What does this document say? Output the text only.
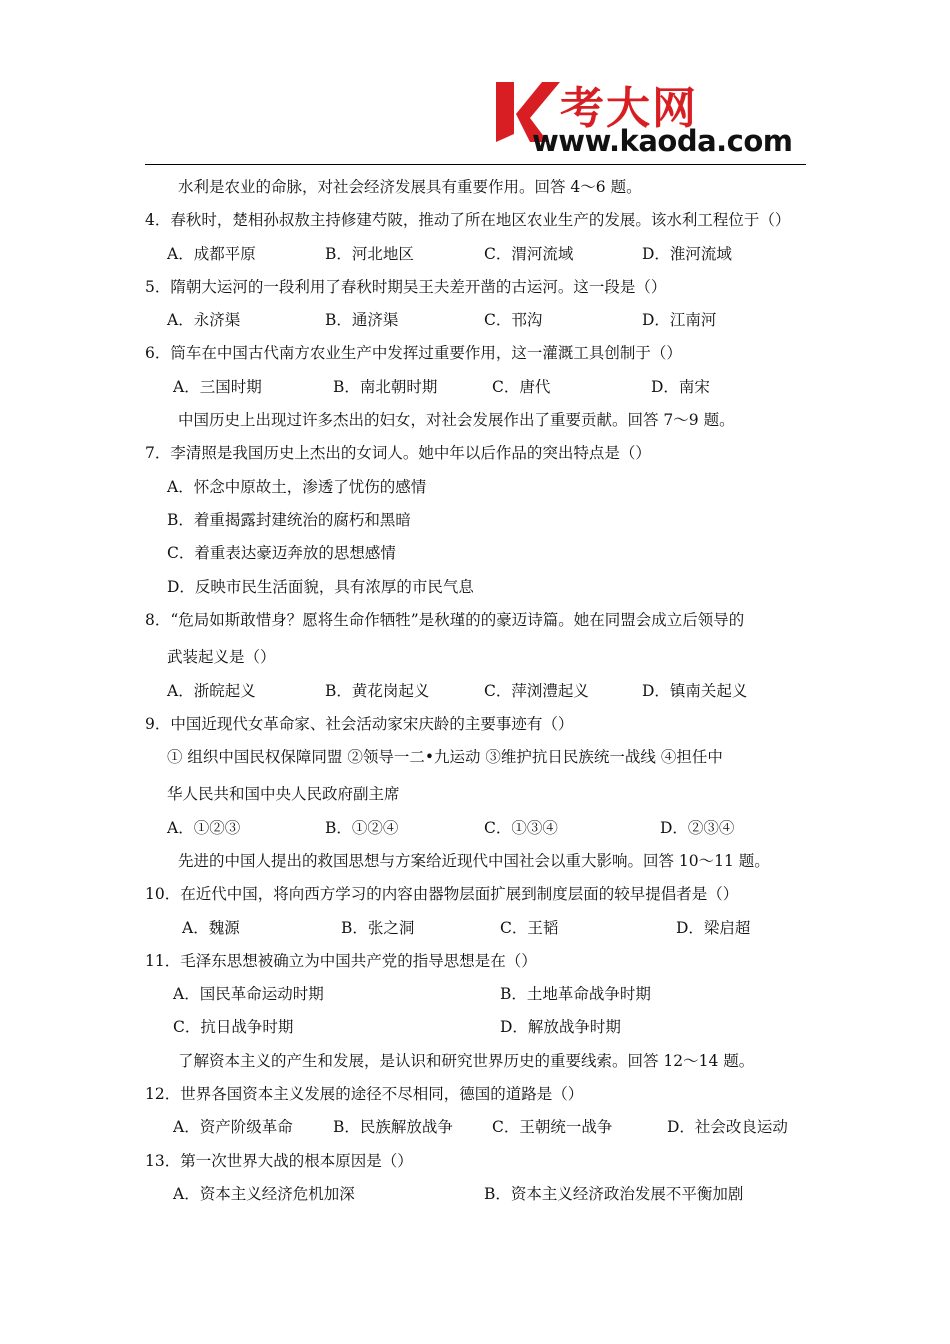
考大网
www.kaoda.com
水利是农业的命脉，对社会经济发展具有重要作用。回答 4～6 题。
4．春秋时，楚相孙叔敖主持修建芍陂，推动了所在地区农业生产的发展。该水利工程位于（）
A．成都平原	B．河北地区	C．渭河流域	D．淮河流域
5．隋朝大运河的一段利用了春秋时期吴王夫差开凿的古运河。这一段是（）
A．永济渠	B．通济渠	C．邗沟	D．江南河
6．筒车在中国古代南方农业生产中发挥过重要作用，这一灌溉工具创制于（）
A．三国时期	B．南北朝时期	C．唐代	D．南宋
中国历史上出现过许多杰出的妇女，对社会发展作出了重要贡献。回答 7～9 题。
7．李清照是我国历史上杰出的女词人。她中年以后作品的突出特点是（）
A．怀念中原故土，渗透了忧伤的感情
B．着重揭露封建统治的腐朽和黑暗
C．着重表达豪迈奔放的思想感情
D．反映市民生活面貌，具有浓厚的市民气息
8．“危局如斯敢惜身？愿将生命作牺牲”是秋瑾的的豪迈诗篇。她在同盟会成立后领导的
武装起义是（）
A．浙皖起义	B．黄花岗起义	C．萍浏澧起义	D．镇南关起义
9．中国近现代女革命家、社会活动家宋庆龄的主要事迹有（）
① 组织中国民权保障同盟 ②领导一二•九运动 ③维护抗日民族统一战线 ④担任中
华人民共和国中央人民政府副主席
A．①②③	B．①②④	C．①③④	D．②③④
先进的中国人提出的救国思想与方案给近现代中国社会以重大影响。回答 10～11 题。
10．在近代中国，将向西方学习的内容由器物层面扩展到制度层面的较早提倡者是（）
A．魏源	B．张之洞	C．王韬	D．梁启超
11．毛泽东思想被确立为中国共产党的指导思想是在（）
A．国民革命运动时期	B．土地革命战争时期
C．抗日战争时期	D．解放战争时期
了解资本主义的产生和发展，是认识和研究世界历史的重要线索。回答 12～14 题。
12．世界各国资本主义发展的途径不尽相同，德国的道路是（）
A．资产阶级革命	B．民族解放战争	C．王朝统一战争	D．社会改良运动
13．第一次世界大战的根本原因是（）
A．资本主义经济危机加深	B．资本主义经济政治发展不平衡加剧
